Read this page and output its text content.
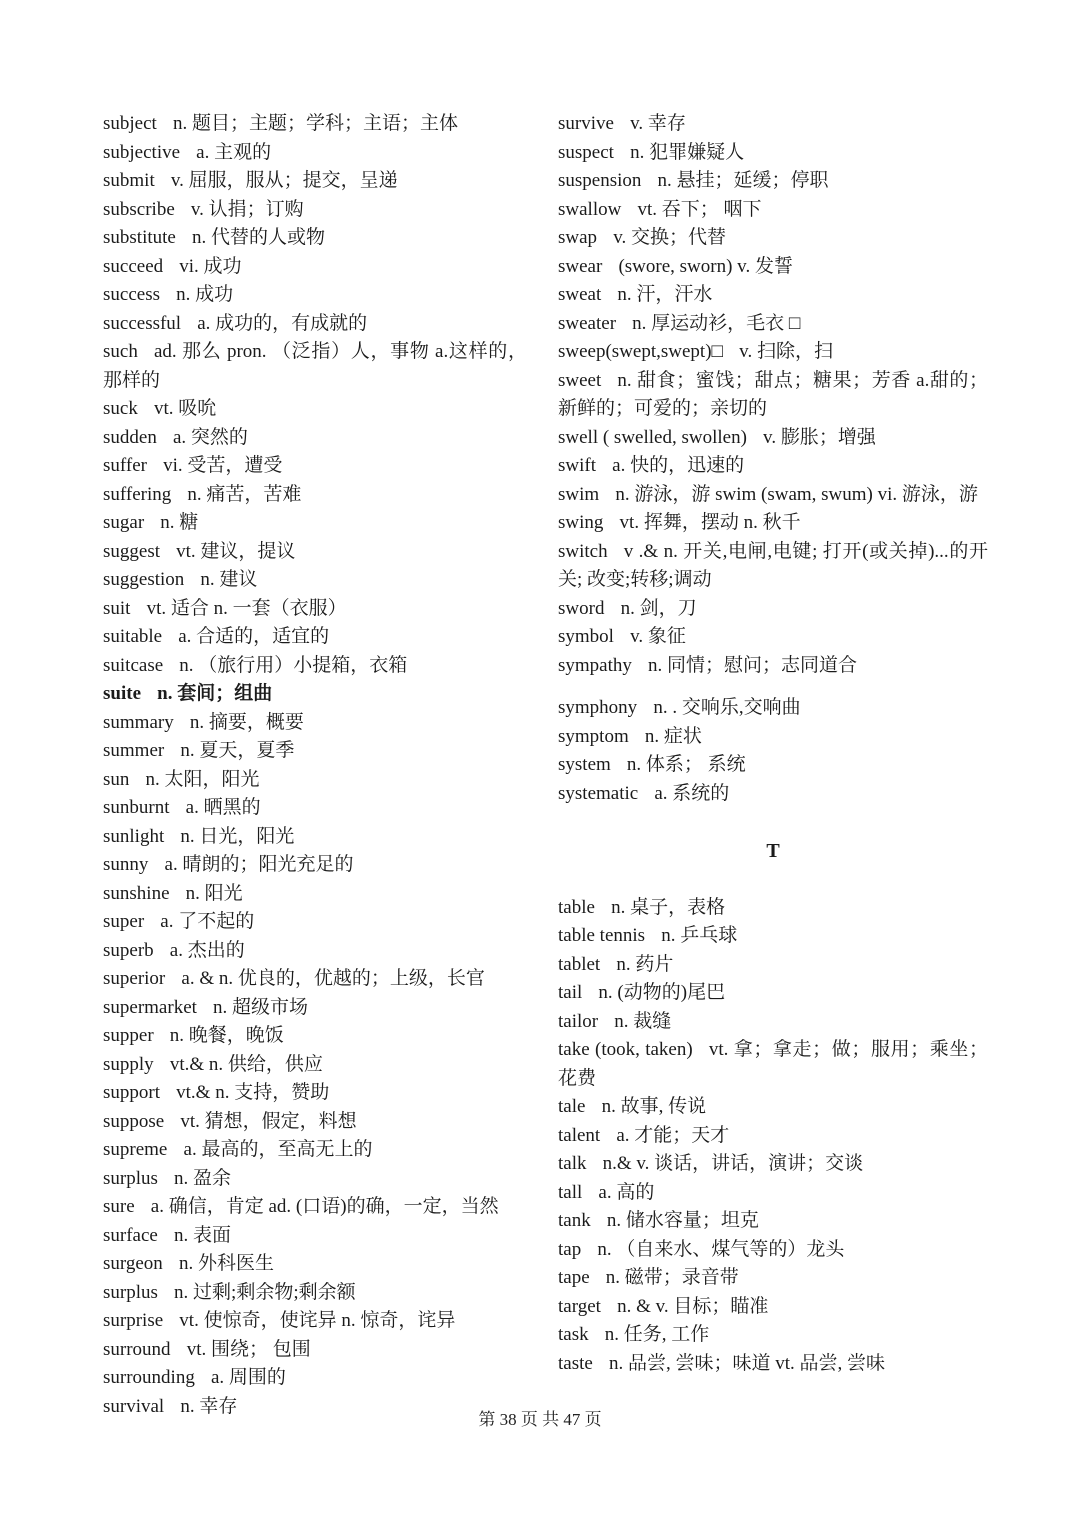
subject n. 题目；主题；学科；主语；主体

subjective a. 主观的

submit v. 屈服，服从；提交，呈递

subscribe v. 认捐；订购

substitute n. 代替的人或物

succeed vi. 成功

success n. 成功

successful a. 成功的，有成就的

such ad. 那么 pron. （泛指）人，事物 a.这样的，那样的

suck vt. 吸吮

sudden a. 突然的

suffer vi. 受苦，遭受

suffering n. 痛苦，苦难

sugar n. 糖

suggest vt. 建议，提议

suggestion n. 建议

suit vt. 适合 n. 一套（衣服）

suitable a. 合适的，适宜的

suitcase n. （旅行用）小提箱，衣箱

suite n. 套间；组曲

summary n. 摘要，概要

summer n. 夏天，夏季

sun n. 太阳，阳光

sunburnt a. 晒黑的

sunlight n. 日光，阳光

sunny a. 晴朗的；阳光充足的

sunshine n. 阳光

super a. 了不起的

superb a. 杰出的

superior a. & n. 优良的，优越的；上级，长官

supermarket n. 超级市场

supper n. 晚餐，晚饭

supply vt.& n. 供给，供应

support vt.& n. 支持，赞助

suppose vt. 猜想，假定，料想

supreme a. 最高的，至高无上的

surplus n. 盈余

sure a. 确信，肯定 ad. (口语)的确，一定，当然

surface n. 表面

surgeon n. 外科医生

surplus n. 过剩;剩余物;剩余额

surprise vt. 使惊奇，使诧异 n. 惊奇，诧异

surround vt. 围绕； 包围

surrounding a. 周围的

survival n. 幸存

survive v. 幸存

suspect n. 犯罪嫌疑人

suspension n. 悬挂；延缓；停职

swallow vt. 吞下； 咽下

swap v. 交换；代替

swear (swore, sworn) v. 发誓

sweat n. 汗，汗水

sweater n. 厚运动衫，毛衣 □

sweep(swept,swept)□ v. 扫除，扫

sweet n. 甜食；蜜饯；甜点；糖果；芳香 a.甜的；新鲜的；可爱的；亲切的

swell ( swelled, swollen) v. 膨胀；增强

swift a. 快的，迅速的

swim n. 游泳，游 swim (swam, swum) vi. 游泳，游

swing vt. 挥舞，摆动 n. 秋千

switch v .& n. 开关,电闸,电键; 打开(或关掉)...的开关; 改变;转移;调动

sword n. 剑，刀

symbol v. 象征

sympathy n. 同情；慰问；志同道合

symphony n. . 交响乐,交响曲

symptom n. 症状

system n. 体系； 系统

systematic a. 系统的

T

table n. 桌子，表格

table tennis n. 乒乓球

tablet n. 药片

tail n. (动物的)尾巴

tailor n. 裁缝

take (took, taken) vt. 拿；拿走；做；服用；乘坐；花费

tale n. 故事, 传说

talent a. 才能；天才

talk n.& v. 谈话，讲话，演讲；交谈

tall a. 高的

tank n. 储水容量；坦克

tap n. （自来水、煤气等的）龙头

tape n. 磁带；录音带

target n. & v. 目标；瞄准

task n. 任务, 工作

taste n. 品尝, 尝味；味道 vt. 品尝, 尝味

第 38 页 共 47 页
